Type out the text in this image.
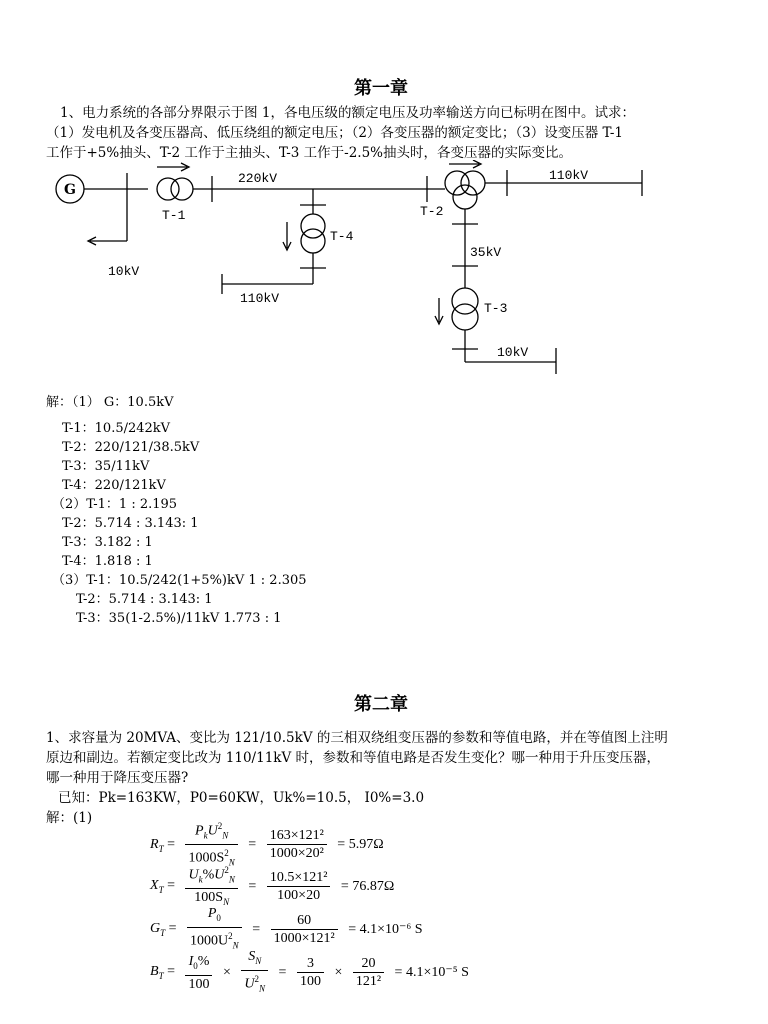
第一章
1、电力系统的各部分界限示于图 1，各电压级的额定电压及功率输送方向已标明在图中。试求：
（1）发电机及各变压器高、低压绕组的额定电压；（2）各变压器的额定变比；（3）设变压器 T-1
工作于+5%抽头、T-2 工作于主抽头、T-3 工作于-2.5%抽头时，各变压器的实际变比。
G
T-1
220kV
T-2
110kV
T-4
35kV
10kV
110kV
T-3
10kV
解：（1） G：10.5kV
T-1：10.5/242kV
T-2：220/121/38.5kV
T-3：35/11kV
T-4：220/121kV
（2）T-1：1 : 2.195
T-2：5.714 : 3.143: 1
T-3：3.182 : 1
T-4：1.818 : 1
（3）T-1：10.5/242(1+5%)kV 1 : 2.305
T-2：5.714 : 3.143: 1
T-3：35(1-2.5%)/11kV 1.773 : 1
第二章
1、求容量为 20MVA、变比为 121/10.5kV 的三相双绕组变压器的参数和等值电路，并在等值图上注明
原边和副边。若额定变比改为 110/11kV 时，参数和等值电路是否发生变化？哪一种用于升压变压器，
哪一种用于降压变压器?
已知：Pk=163KW，P0=60KW，Uk%=10.5， I0%=3.0
解：(1)
$R_T = \frac{P_kU^2_N}{1000S^2_N} = \frac{\text{163×121²}}{\text{1000×20²}} = 5.97\Omega$
$X_T = \frac{U_k\%U^2_N}{100S_N} = \frac{\text{10.5×121²}}{100\times 20} = 76.87\Omega$
$G_T = \frac{P_0}{1000U^2_N} = \frac{60}{\text{1000×121²}} = 4.1\times 10^{-6}$ S
$B_T = \frac{I_0\%}{100} \times \frac{S_N}{U^2_N} = \frac{3}{100} \times \frac{20}{\text{121²}} = 4.1\times 10^{-5}$ S
